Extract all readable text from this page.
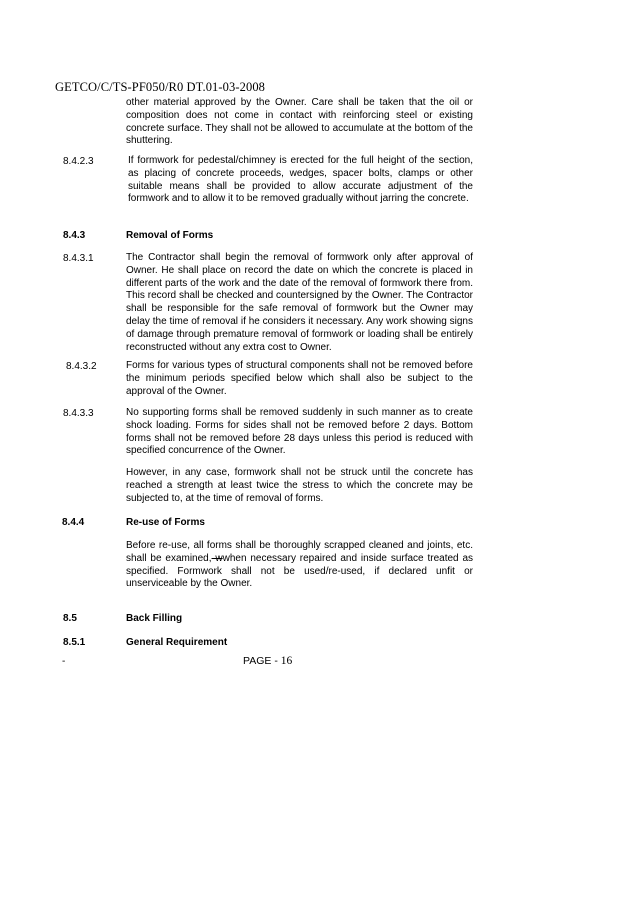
GETCO/C/TS-PF050/R0 DT.01-03-2008

other material approved by the Owner. Care shall be taken that the oil or composition does not come in contact with reinforcing steel or existing concrete surface. They shall not be allowed to accumulate at the bottom of the shuttering.

8.4.2.3	If formwork for pedestal/chimney is erected for the full height of the section, as placing of concrete proceeds, wedges, spacer bolts, clamps or other suitable means shall be provided to allow accurate adjustment of the formwork and to allow it to be removed gradually without jarring the concrete.

8.4.3	Removal of Forms
8.4.3.1	The Contractor shall begin the removal of formwork only after approval of Owner. He shall place on record the date on which the concrete is placed in different parts of the work and the date of the removal of formwork there from. This record shall be checked and countersigned by the Owner. The Contractor shall be responsible for the safe removal of formwork but the Owner may delay the time of removal if he considers it necessary. Any work showing signs of damage through premature removal of formwork or loading shall be entirely reconstructed without any extra cost to Owner.

8.4.3.2	Forms for various types of structural components shall not be removed before the minimum periods specified below which shall also be subject to the approval of the Owner.

8.4.3.3	No supporting forms shall be removed suddenly in such manner as to create shock loading. Forms for sides shall not be removed before 2 days. Bottom forms shall not be removed before 28 days unless this period is reduced with specified concurrence of the Owner.

However, in any case, formwork shall not be struck until the concrete has reached a strength at least twice the stress to which the concrete may be subjected to, at the time of removal of forms.

8.4.4	Re-use of Forms

Before re-use, all forms shall be thoroughly scrapped cleaned and joints, etc. shall be examined, wwhen necessary repaired and inside surface treated as specified. Formwork shall not be used/re-used, if declared unfit or unserviceable by the Owner.

8.5	Back Filling
8.5.1	General Requirement
-	PAGE - 16
